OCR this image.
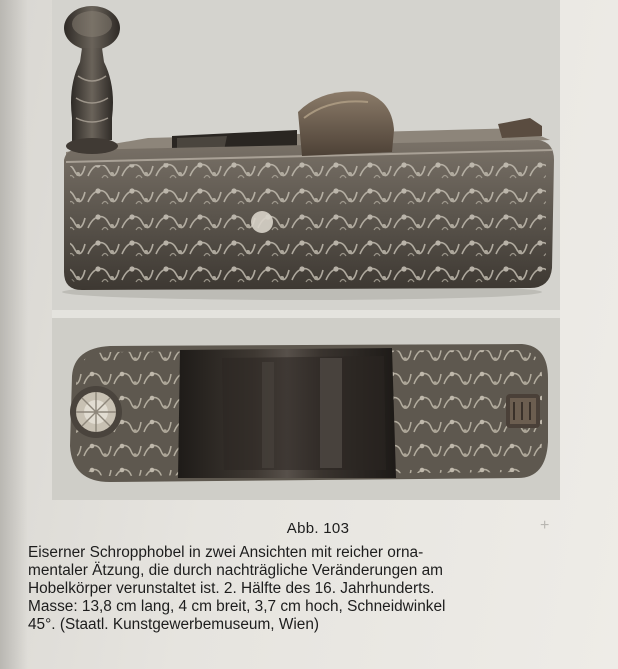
+
Abb. 103

Eiserner Schropphobel in zwei Ansichten mit reicher orna-
mentaler Ätzung, die durch nachträgliche Veränderungen am
Hobelkörper verunstaltet ist. 2. Hälfte des 16. Jahrhunderts.
Masse: 13,8 cm lang, 4 cm breit, 3,7 cm hoch, Schneidwinkel
45°. (Staatl. Kunstgewerbemuseum, Wien)
